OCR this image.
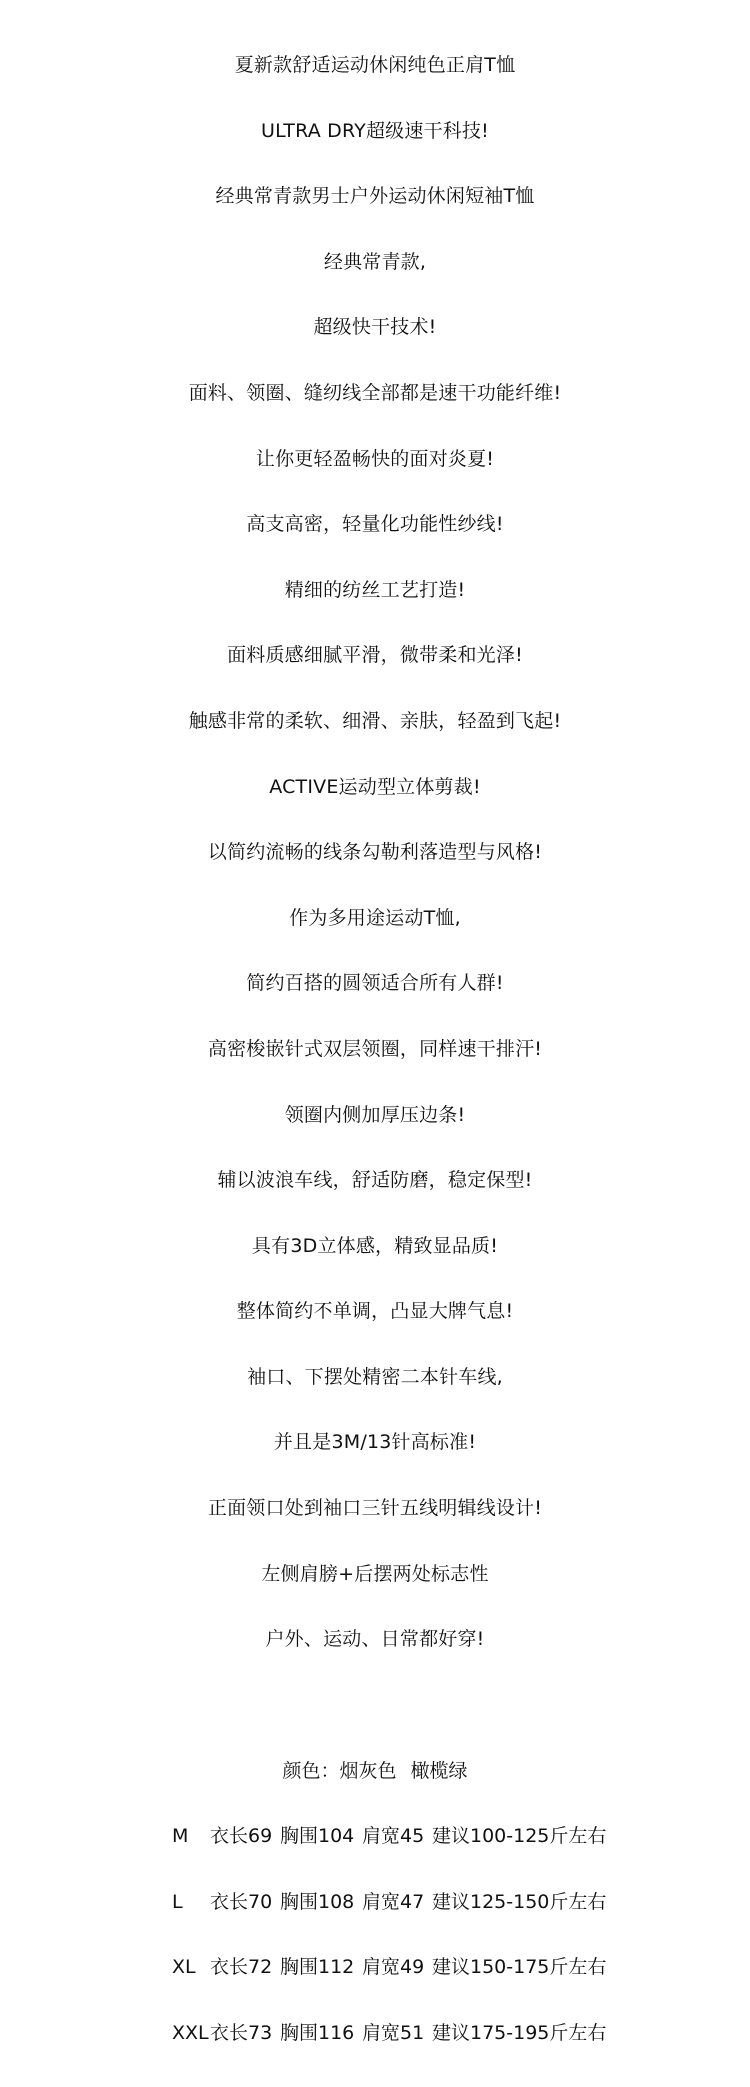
夏新款舒适运动休闲纯色正肩T恤
ULTRA DRY超级速干科技!
经典常青款男士户外运动休闲短袖T恤
经典常青款,
超级快干技术!
面料、领圈、缝纫线全部都是速干功能纤维!
让你更轻盈畅快的面对炎夏!
高支高密，轻量化功能性纱线!
精细的纺丝工艺打造!
面料质感细腻平滑，微带柔和光泽!
触感非常的柔软、细滑、亲肤，轻盈到飞起!
ACTIVE运动型立体剪裁!
以简约流畅的线条勾勒利落造型与风格!
作为多用途运动T恤,
简约百搭的圆领适合所有人群!
高密梭嵌针式双层领圈，同样速干排汗!
领圈内侧加厚压边条!
辅以波浪车线，舒适防磨，稳定保型!
具有3D立体感，精致显品质!
整体简约不单调，凸显大牌气息!
袖口、下摆处精密二本针车线,
并且是3M/13针高标准!
正面领口处到袖口三针五线明辑线设计!
左侧肩膀+后摆两处标志性
户外、运动、日常都好穿!
颜色：烟灰色 橄榄绿
M 衣长69 胸围104 肩宽45 建议100-125斤左右
L 衣长70 胸围108 肩宽47 建议125-150斤左右
XL 衣长72 胸围112 肩宽49 建议150-175斤左右
XXL 衣长73 胸围116 肩宽51 建议175-195斤左右
